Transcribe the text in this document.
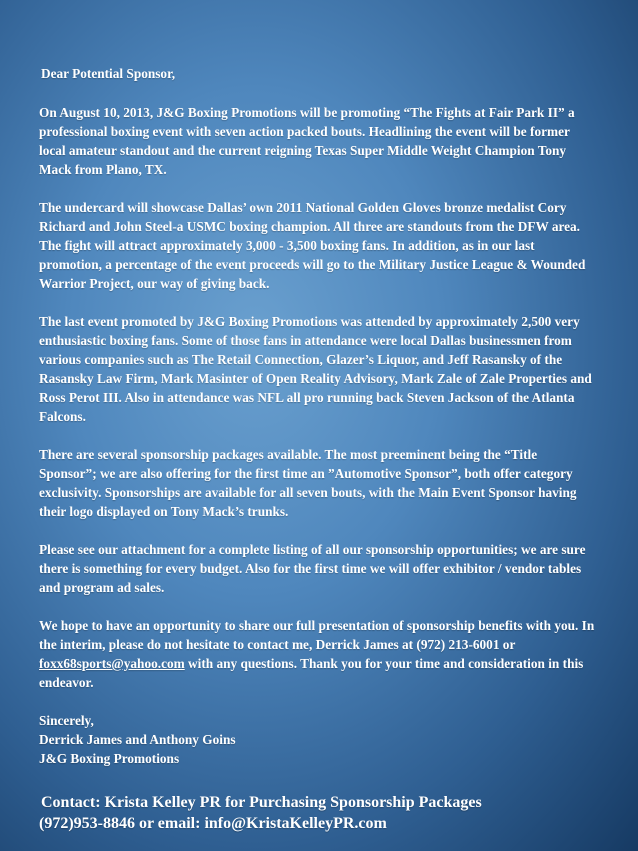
Dear Potential Sponsor,
On August 10, 2013, J&G Boxing Promotions will be promoting “The Fights at Fair Park II” a professional boxing event with seven action packed bouts. Headlining the event will be former local amateur standout and the current reigning Texas Super Middle Weight Champion Tony Mack from Plano, TX.
The undercard will showcase Dallas’ own 2011 National Golden Gloves bronze medalist Cory Richard and John Steel-a USMC boxing champion. All three are standouts from the DFW area. The fight will attract approximately 3,000 - 3,500 boxing fans. In addition, as in our last promotion, a percentage of the event proceeds will go to the Military Justice League & Wounded Warrior Project, our way of giving back.
The last event promoted by J&G Boxing Promotions was attended by approximately 2,500 very enthusiastic boxing fans. Some of those fans in attendance were local Dallas businessmen from various companies such as The Retail Connection, Glazer’s Liquor, and Jeff Rasansky of the Rasansky Law Firm, Mark Masinter of Open Reality Advisory, Mark Zale of Zale Properties and Ross Perot III. Also in attendance was NFL all pro running back Steven Jackson of the Atlanta Falcons.
There are several sponsorship packages available. The most preeminent being the “Title Sponsor”; we are also offering for the first time an ”Automotive Sponsor”, both offer category exclusivity. Sponsorships are available for all seven bouts, with the Main Event Sponsor having their logo displayed on Tony Mack’s trunks.
Please see our attachment for a complete listing of all our sponsorship opportunities; we are sure there is something for every budget. Also for the first time we will offer exhibitor / vendor tables and program ad sales.
We hope to have an opportunity to share our full presentation of sponsorship benefits with you. In the interim, please do not hesitate to contact me, Derrick James at (972) 213-6001 or foxx68sports@yahoo.com with any questions. Thank you for your time and consideration in this endeavor.
Sincerely,
Derrick James and Anthony Goins
J&G Boxing Promotions
Contact: Krista Kelley PR for Purchasing Sponsorship Packages
(972)953-8846 or email: info@KristaKelleyPR.com
